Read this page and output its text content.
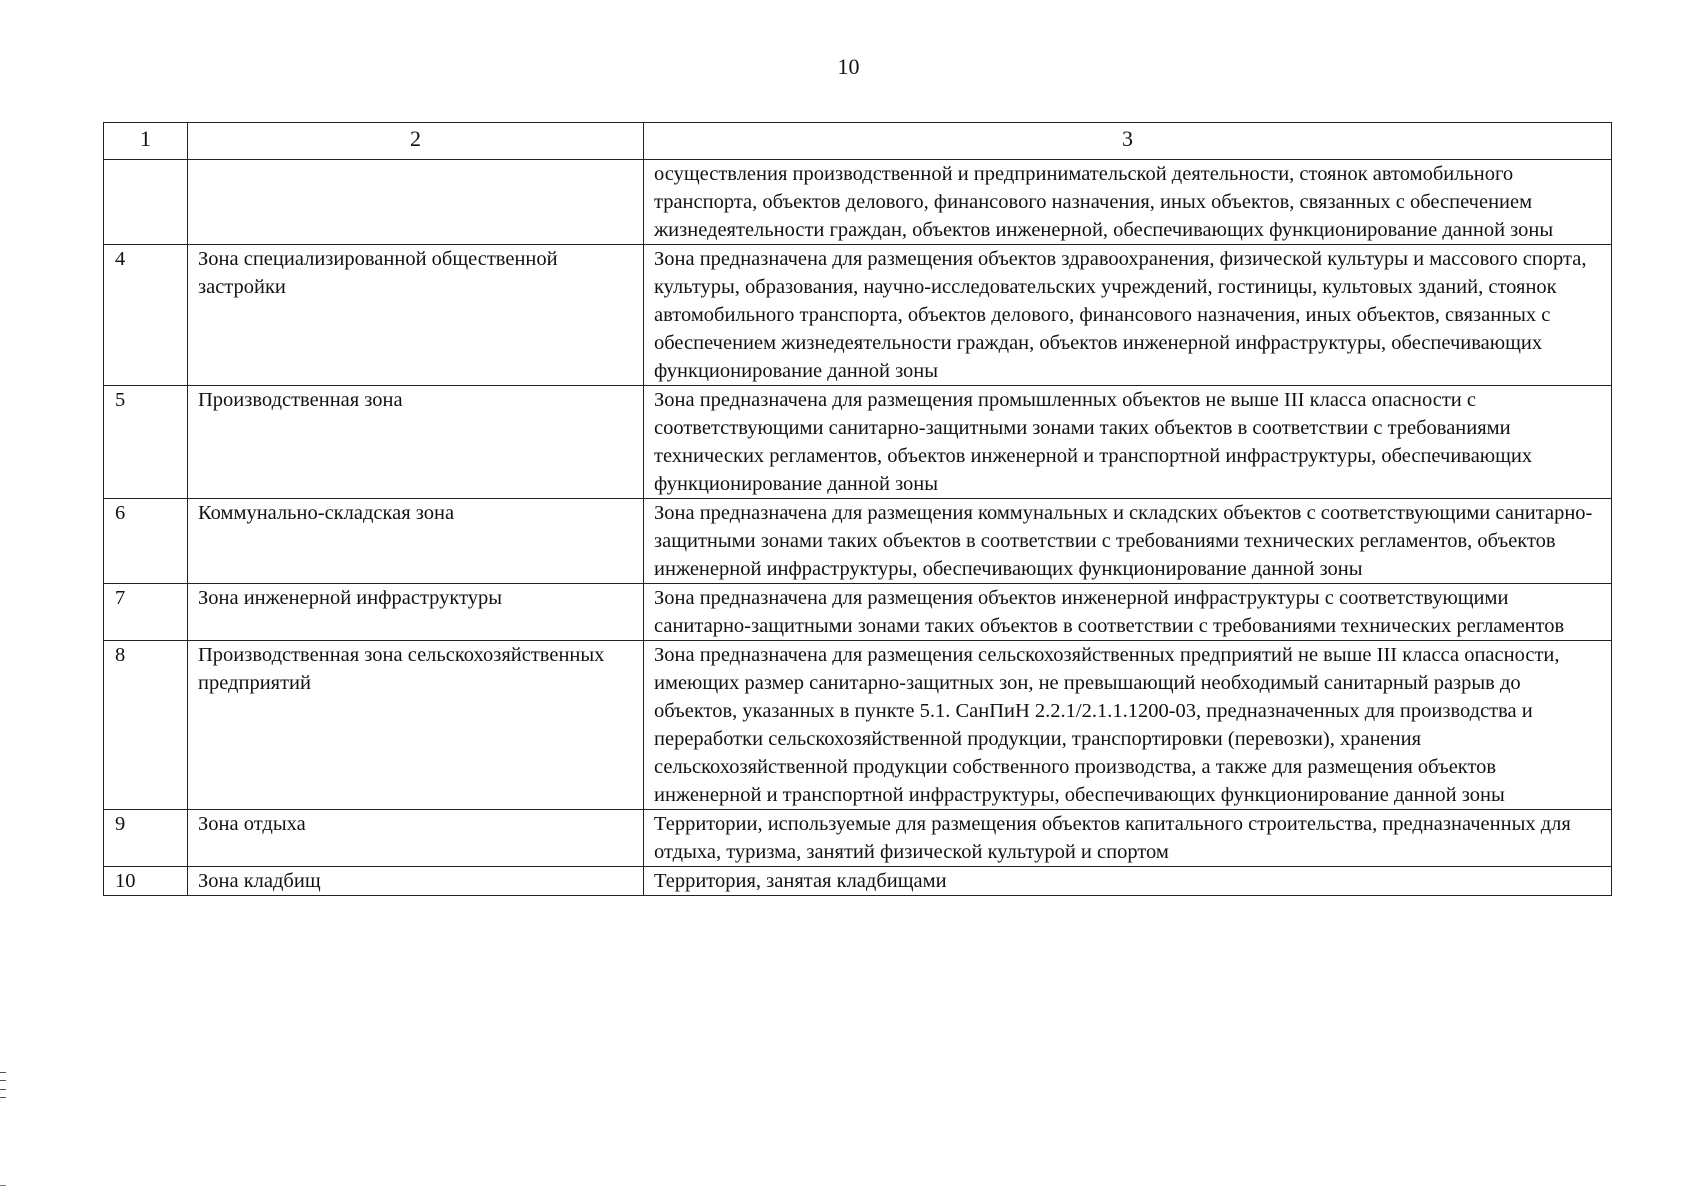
10
1	2	3
		осуществления производственной и предпринимательской деятельности, стоянок автомобильного транспорта, объектов делового, финансового назначения, иных объектов, связанных с обеспечением жизнедеятельности граждан, объектов инженерной, обеспечивающих функционирование данной зоны
4	Зона специализированной общественной застройки	Зона предназначена для размещения объектов здравоохранения, физической культуры и массового спорта, культуры, образования, научно-исследовательских учреждений, гостиницы, культовых зданий, стоянок автомобильного транспорта, объектов делового, финансового назначения, иных объектов, связанных с обеспечением жизнедеятельности граждан, объектов инженерной инфраструктуры, обеспечивающих функционирование данной зоны
5	Производственная зона	Зона предназначена для размещения промышленных объектов не выше III класса опасности с соответствующими санитарно-защитными зонами таких объектов в соответствии с требованиями технических регламентов, объектов инженерной и транспортной инфраструктуры, обеспечивающих функционирование данной зоны
6	Коммунально-складская зона	Зона предназначена для размещения коммунальных и складских объектов с соответствующими санитарно-защитными зонами таких объектов в соответствии с требованиями технических регламентов, объектов инженерной инфраструктуры, обеспечивающих функционирование данной зоны
7	Зона инженерной инфраструктуры	Зона предназначена для размещения объектов инженерной инфраструктуры с соответствующими санитарно-защитными зонами таких объектов в соответствии с требованиями технических регламентов
8	Производственная зона сельскохозяйственных предприятий	Зона предназначена для размещения сельскохозяйственных предприятий не выше III класса опасности, имеющих размер санитарно-защитных зон, не превышающий необходимый санитарный разрыв до объектов, указанных в пункте 5.1. СанПиН 2.2.1/2.1.1.1200-03, предназначенных для производства и переработки сельскохозяйственной продукции, транспортировки (перевозки), хранения сельскохозяйственной продукции собственного производства, а также для размещения объектов инженерной и транспортной инфраструктуры, обеспечивающих функционирование данной зоны
9	Зона отдыха	Территории, используемые для размещения объектов капитального строительства, предназначенных для отдыха, туризма, занятий физической культурой и спортом
10	Зона кладбищ	Территория, занятая кладбищами
